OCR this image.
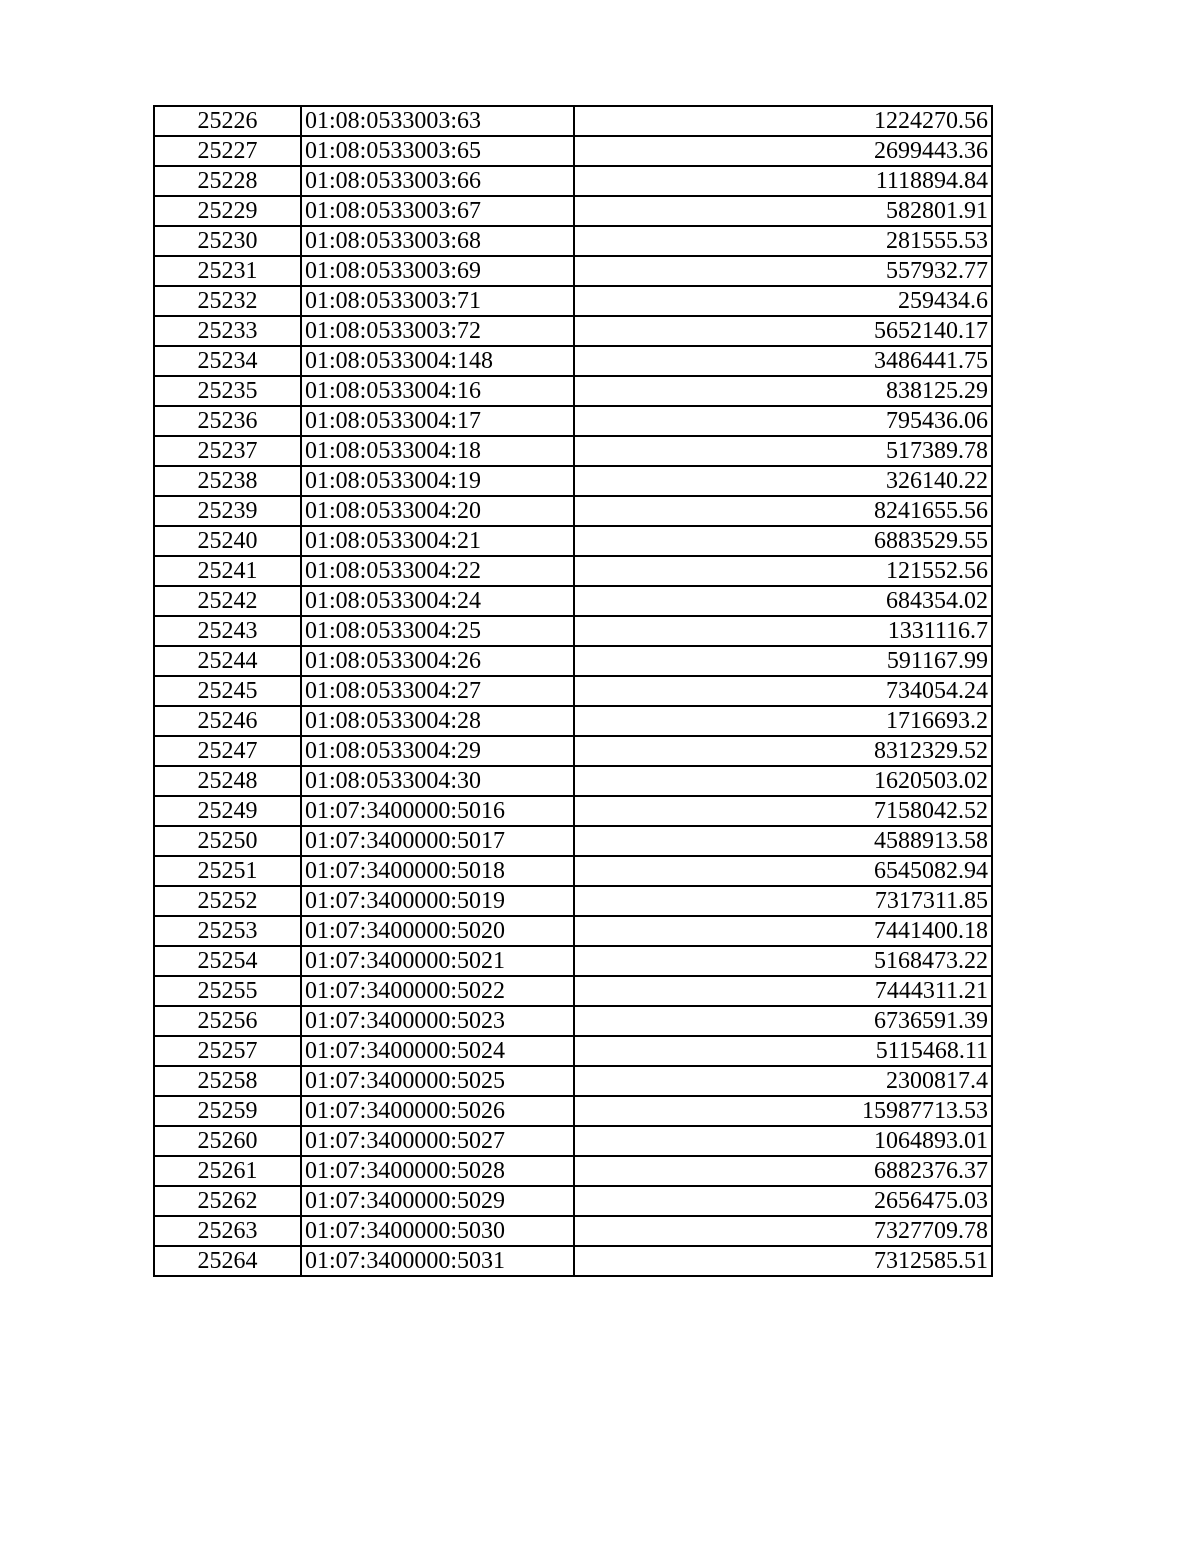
25226	01:08:0533003:63	1224270.56
25227	01:08:0533003:65	2699443.36
25228	01:08:0533003:66	1118894.84
25229	01:08:0533003:67	582801.91
25230	01:08:0533003:68	281555.53
25231	01:08:0533003:69	557932.77
25232	01:08:0533003:71	259434.6
25233	01:08:0533003:72	5652140.17
25234	01:08:0533004:148	3486441.75
25235	01:08:0533004:16	838125.29
25236	01:08:0533004:17	795436.06
25237	01:08:0533004:18	517389.78
25238	01:08:0533004:19	326140.22
25239	01:08:0533004:20	8241655.56
25240	01:08:0533004:21	6883529.55
25241	01:08:0533004:22	121552.56
25242	01:08:0533004:24	684354.02
25243	01:08:0533004:25	1331116.7
25244	01:08:0533004:26	591167.99
25245	01:08:0533004:27	734054.24
25246	01:08:0533004:28	1716693.2
25247	01:08:0533004:29	8312329.52
25248	01:08:0533004:30	1620503.02
25249	01:07:3400000:5016	7158042.52
25250	01:07:3400000:5017	4588913.58
25251	01:07:3400000:5018	6545082.94
25252	01:07:3400000:5019	7317311.85
25253	01:07:3400000:5020	7441400.18
25254	01:07:3400000:5021	5168473.22
25255	01:07:3400000:5022	7444311.21
25256	01:07:3400000:5023	6736591.39
25257	01:07:3400000:5024	5115468.11
25258	01:07:3400000:5025	2300817.4
25259	01:07:3400000:5026	15987713.53
25260	01:07:3400000:5027	1064893.01
25261	01:07:3400000:5028	6882376.37
25262	01:07:3400000:5029	2656475.03
25263	01:07:3400000:5030	7327709.78
25264	01:07:3400000:5031	7312585.51
